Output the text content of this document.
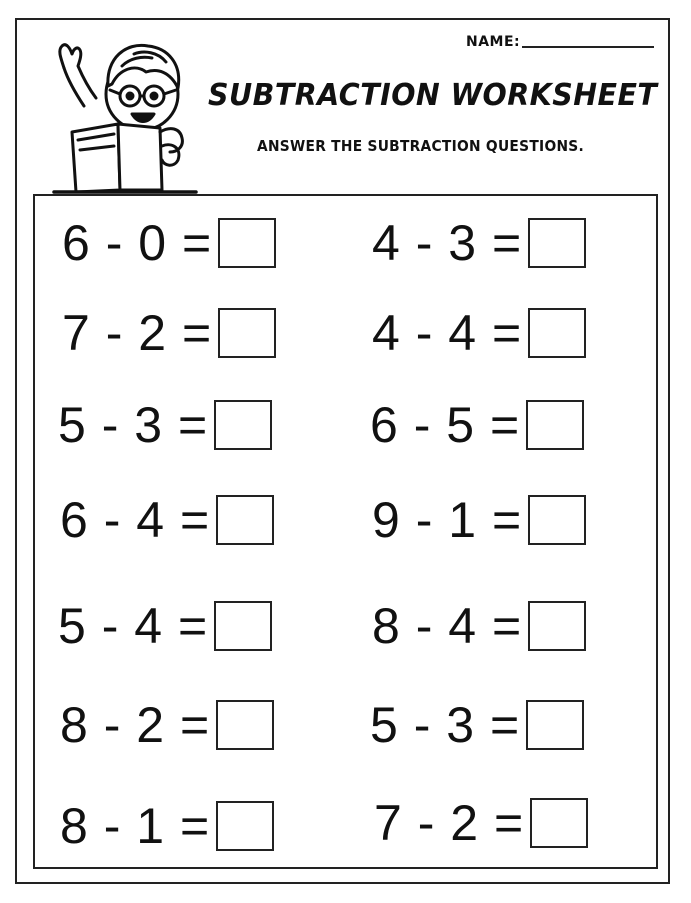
NAME:
SUBTRACTION WORKSHEET
ANSWER THE SUBTRACTION QUESTIONS.
6 - 0 =	4 - 3 =
7 - 2 =	4 - 4 =
5 - 3 =	6 - 5 =
6 - 4 =	9 - 1 =
5 - 4 =	8 - 4 =
8 - 2 =	5 - 3 =
8 - 1 =	7 - 2 =
